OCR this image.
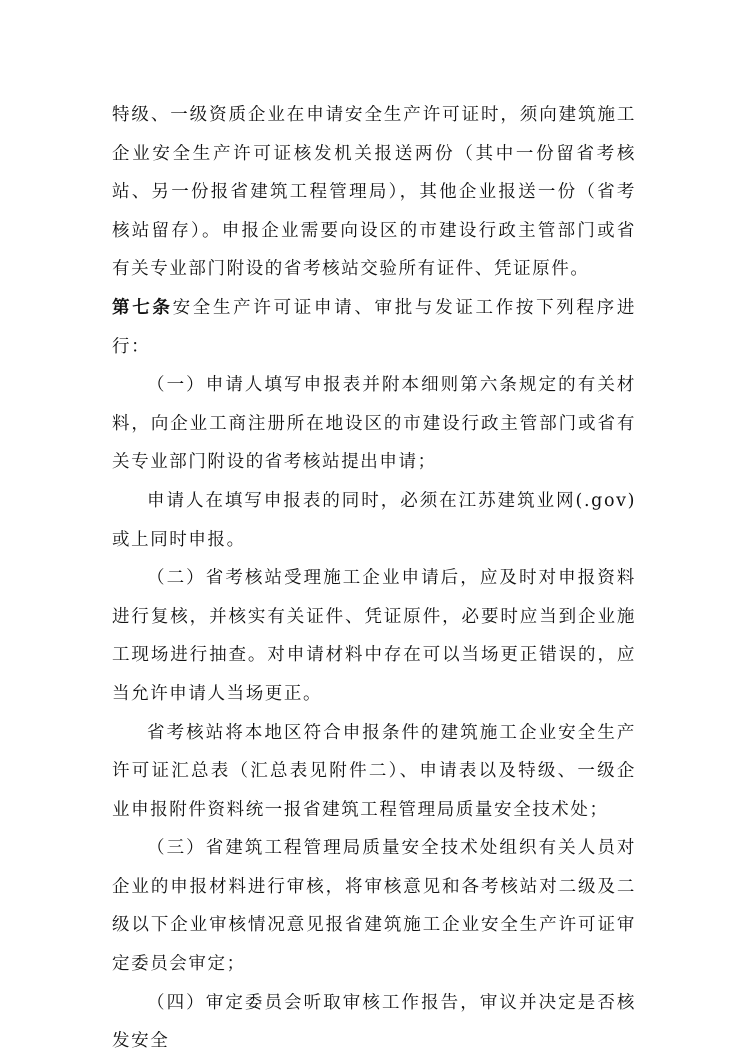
特级、一级资质企业在申请安全生产许可证时，须向建筑施工企业安全生产许可证核发机关报送两份（其中一份留省考核站、另一份报省建筑工程管理局），其他企业报送一份（省考核站留存）。申报企业需要向设区的市建设行政主管部门或省有关专业部门附设的省考核站交验所有证件、凭证原件。

第七条安全生产许可证申请、审批与发证工作按下列程序进行：

（一）申请人填写申报表并附本细则第六条规定的有关材料，向企业工商注册所在地设区的市建设行政主管部门或省有关专业部门附设的省考核站提出申请；

申请人在填写申报表的同时，必须在江苏建筑业网(.gov)或上同时申报。

（二）省考核站受理施工企业申请后，应及时对申报资料进行复核，并核实有关证件、凭证原件，必要时应当到企业施工现场进行抽查。对申请材料中存在可以当场更正错误的，应当允许申请人当场更正。

省考核站将本地区符合申报条件的建筑施工企业安全生产许可证汇总表（汇总表见附件二）、申请表以及特级、一级企业申报附件资料统一报省建筑工程管理局质量安全技术处；

（三）省建筑工程管理局质量安全技术处组织有关人员对企业的申报材料进行审核，将审核意见和各考核站对二级及二级以下企业审核情况意见报省建筑施工企业安全生产许可证审定委员会审定；

（四）审定委员会听取审核工作报告，审议并决定是否核发安全
